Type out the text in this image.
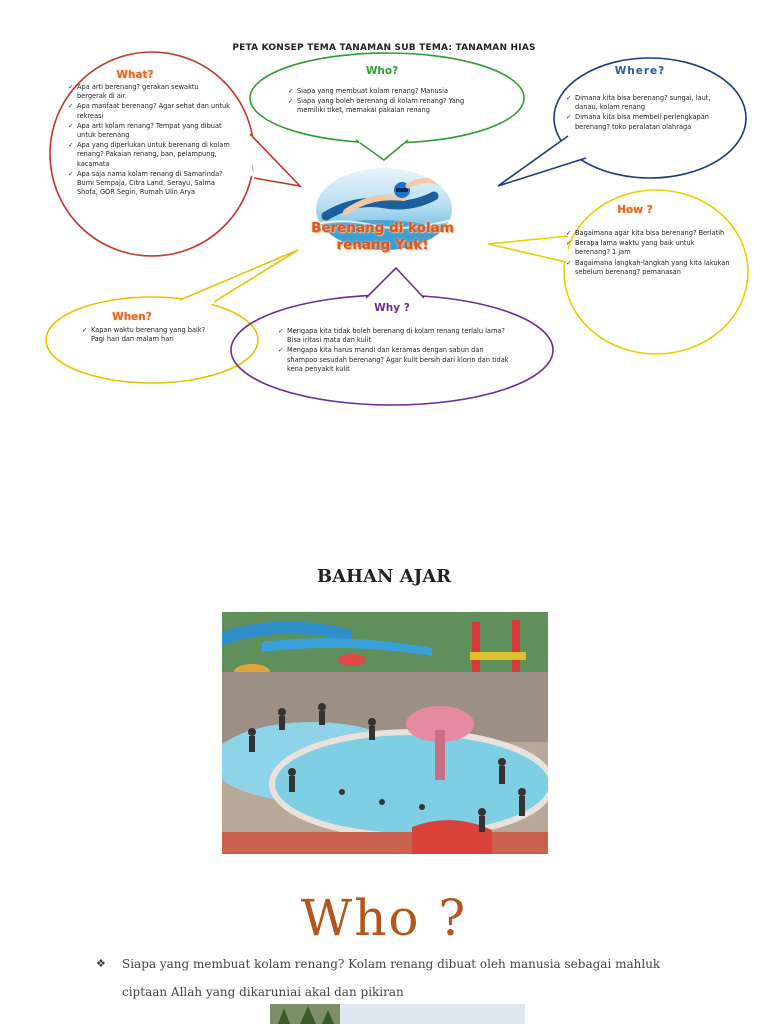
PETA KONSEP TEMA TANAMAN SUB TEMA: TANAMAN HIAS
What?
✓ Apa arti berenang? gerakan sewaktu bergerak di air.
✓ Apa manfaat berenang? Agar sehat dan untuk rekreasi
✓ Apa arti kolam renang? Tempat yang dibuat untuk berenang
✓ Apa yang diperlukan untuk berenang di kolam renang? Pakaian renang, ban, pelampung, kacamata
✓ Apa saja nama kolam renang di Samarinda? Bumi Sempaja, Citra Land, Serayu, Salma Shofa, GOR Segiri, Rumah Ulin Arya
Who?
✓ Siapa yang membuat kolam renang? Manusia
✓ Siapa yang boleh berenang di kolam renang? Yang memiliki tiket, memakai pakaian renang
Where?
✓ Dimana kita bisa berenang? sungai, laut, danau, kolam renang
✓ Dimana kita bisa membeli perlengkapan berenang? toko peralatan olahraga
How ?
✓ Bagaimana agar kita bisa berenang? Berlatih
✓ Berapa lama waktu yang baik untuk berenang? 1 jam
✓ Bagaimana langkah-langkah yang kita lakukan sebelum berenang? pemanasan
When?
✓ Kapan waktu berenang yang baik? Pagi hari dan malam hari
Why ?
✓ Mengapa kita tidak boleh berenang di kolam renang terlalu lama? Bisa iritasi mata dan kulit
✓ Mengapa kita harus mandi dan keramas dengan sabun dan shampoo sesudah berenang? Agar kulit bersih dari klorin dan tidak kena penyakit kulit
Berenang di kolam
renang Yuk!
BAHAN AJAR
Who ?
❖	Siapa yang membuat kolam renang? Kolam renang dibuat oleh manusia sebagai mahluk ciptaan Allah yang dikaruniai akal dan pikiran
